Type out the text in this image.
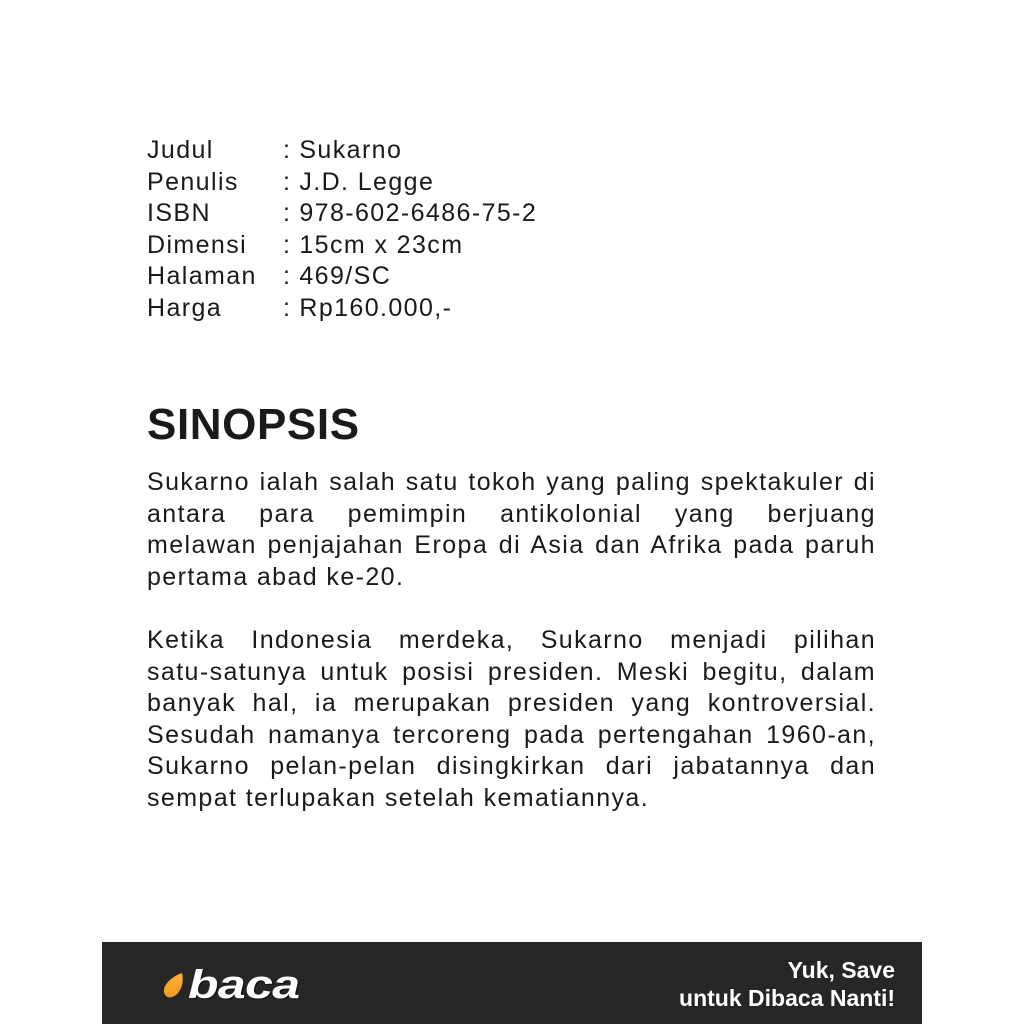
Judul	: Sukarno
Penulis : J.D. Legge
ISBN	: 978-602-6486-75-2
Dimensi : 15cm x 23cm
Halaman : 469/SC
Harga : Rp160.000,-
SINOPSIS
Sukarno ialah salah satu tokoh yang paling spektakuler di
antara para pemimpin antikolonial yang berjuang
melawan penjajahan Eropa di Asia dan Afrika pada paruh
pertama abad ke-20.
Ketika Indonesia merdeka, Sukarno menjadi pilihan
satu-satunya untuk posisi presiden. Meski begitu, dalam
banyak hal, ia merupakan presiden yang kontroversial.
Sesudah namanya tercoreng pada pertengahan 1960-an,
Sukarno pelan-pelan disingkirkan dari jabatannya dan
sempat terlupakan setelah kematiannya.
baca	Yuk, Save
untuk Dibaca Nanti!
